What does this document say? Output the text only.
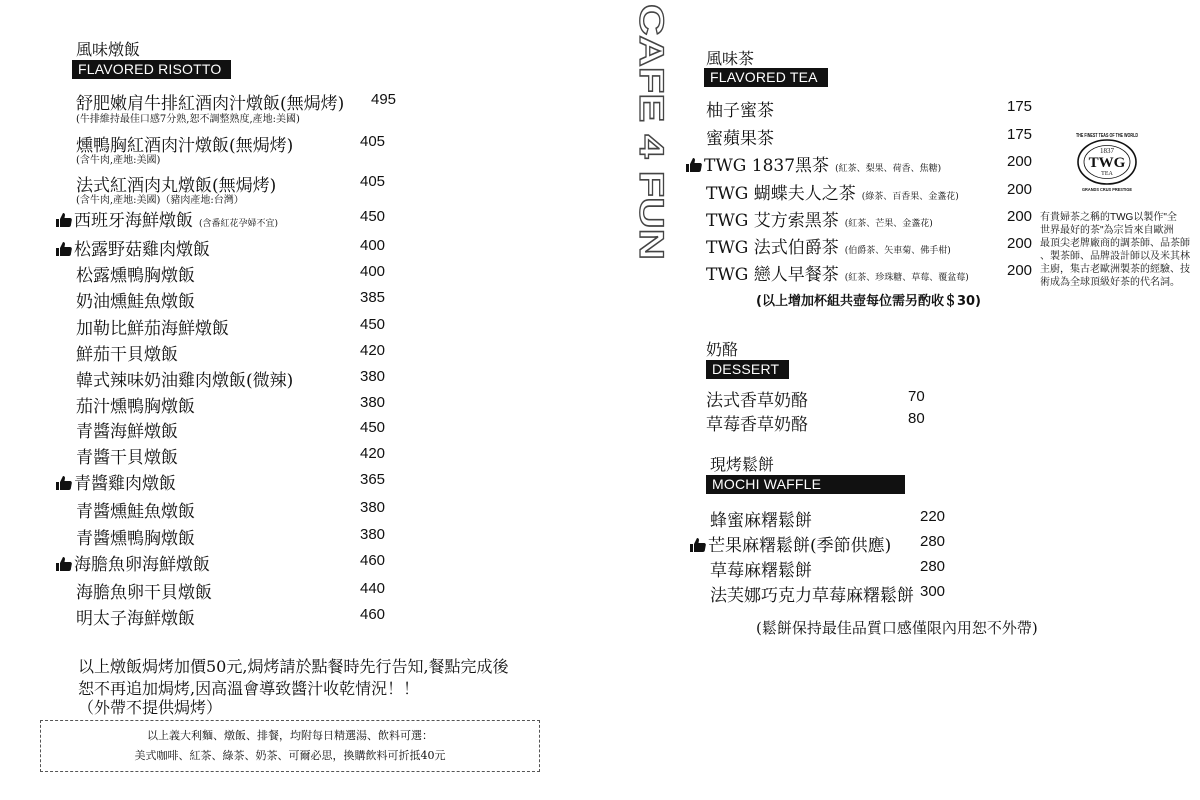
風味燉飯
FLAVORED RISOTTO
舒肥嫩肩牛排紅酒肉汁燉飯(無焗烤)
(牛排維持最佳口感7分熟,恕不調整熟度,產地:美國)
495
燻鴨胸紅酒肉汁燉飯(無焗烤)
(含牛肉,產地:美國)
405
法式紅酒肉丸燉飯(無焗烤)
(含牛肉,產地:美國)（豬肉產地:台灣）
405
西班牙海鮮燉飯 (含番紅花孕婦不宜)	450
松露野菇雞肉燉飯	400
松露燻鴨胸燉飯	400
奶油燻鮭魚燉飯	385
加勒比鮮茄海鮮燉飯	450
鮮茄干貝燉飯	420
韓式辣味奶油雞肉燉飯(微辣)	380
茄汁燻鴨胸燉飯	380
青醬海鮮燉飯	450
青醬干貝燉飯	420
青醬雞肉燉飯	365
青醬燻鮭魚燉飯	380
青醬燻鴨胸燉飯	380
海膽魚卵海鮮燉飯	460
海膽魚卵干貝燉飯	440
明太子海鮮燉飯	460
以上燉飯焗烤加價50元,焗烤請於點餐時先行告知,餐點完成後
恕不再追加焗烤,因高溫會導致醬汁收乾情況！！
（外帶不提供焗烤）
以上義大利麵、燉飯、排餐，均附每日精選湯、飲料可選：
美式咖啡、紅茶、綠茶、奶茶、可爾必思，換購飲料可折抵40元
CAFE 4 FUN 風味茶
FLAVORED TEA
柚子蜜茶	175
蜜蘋果茶	175
TWG 1837黑茶 (紅茶、梨果、荷香、焦糖)	200
TWG 蝴蝶夫人之茶 (綠茶、百香果、金盞花)	200
TWG 艾方索黑茶 (紅茶、芒果、金盞花)	200
TWG 法式伯爵茶 (伯爵茶、矢車菊、佛手柑)	200
TWG 戀人早餐茶 (紅茶、珍珠糖、草莓、覆盆莓)	200
(以上增加杯組共壺每位需另酌收＄30)
THE FINEST TEAS OF THE WORLD
1837
TWG
TEA
GRANDS CRUS PRESTIGE
有貴婦茶之稱的TWG以製作"全
世界最好的茶"為宗旨來自歐洲
最頂尖老牌廠商的調茶師、品茶師
、製茶師、品牌設計師以及米其林
主廚，集古老歐洲製茶的經驗、技
術成為全球頂級好茶的代名詞。
奶酪
DESSERT
法式香草奶酪	70
草莓香草奶酪	80
現烤鬆餅
MOCHI WAFFLE
蜂蜜麻糬鬆餅	220
芒果麻糬鬆餅(季節供應) 280
草莓麻糬鬆餅	280
法芙娜巧克力草莓麻糬鬆餅 300
(鬆餅保持最佳品質口感僅限內用恕不外帶)
